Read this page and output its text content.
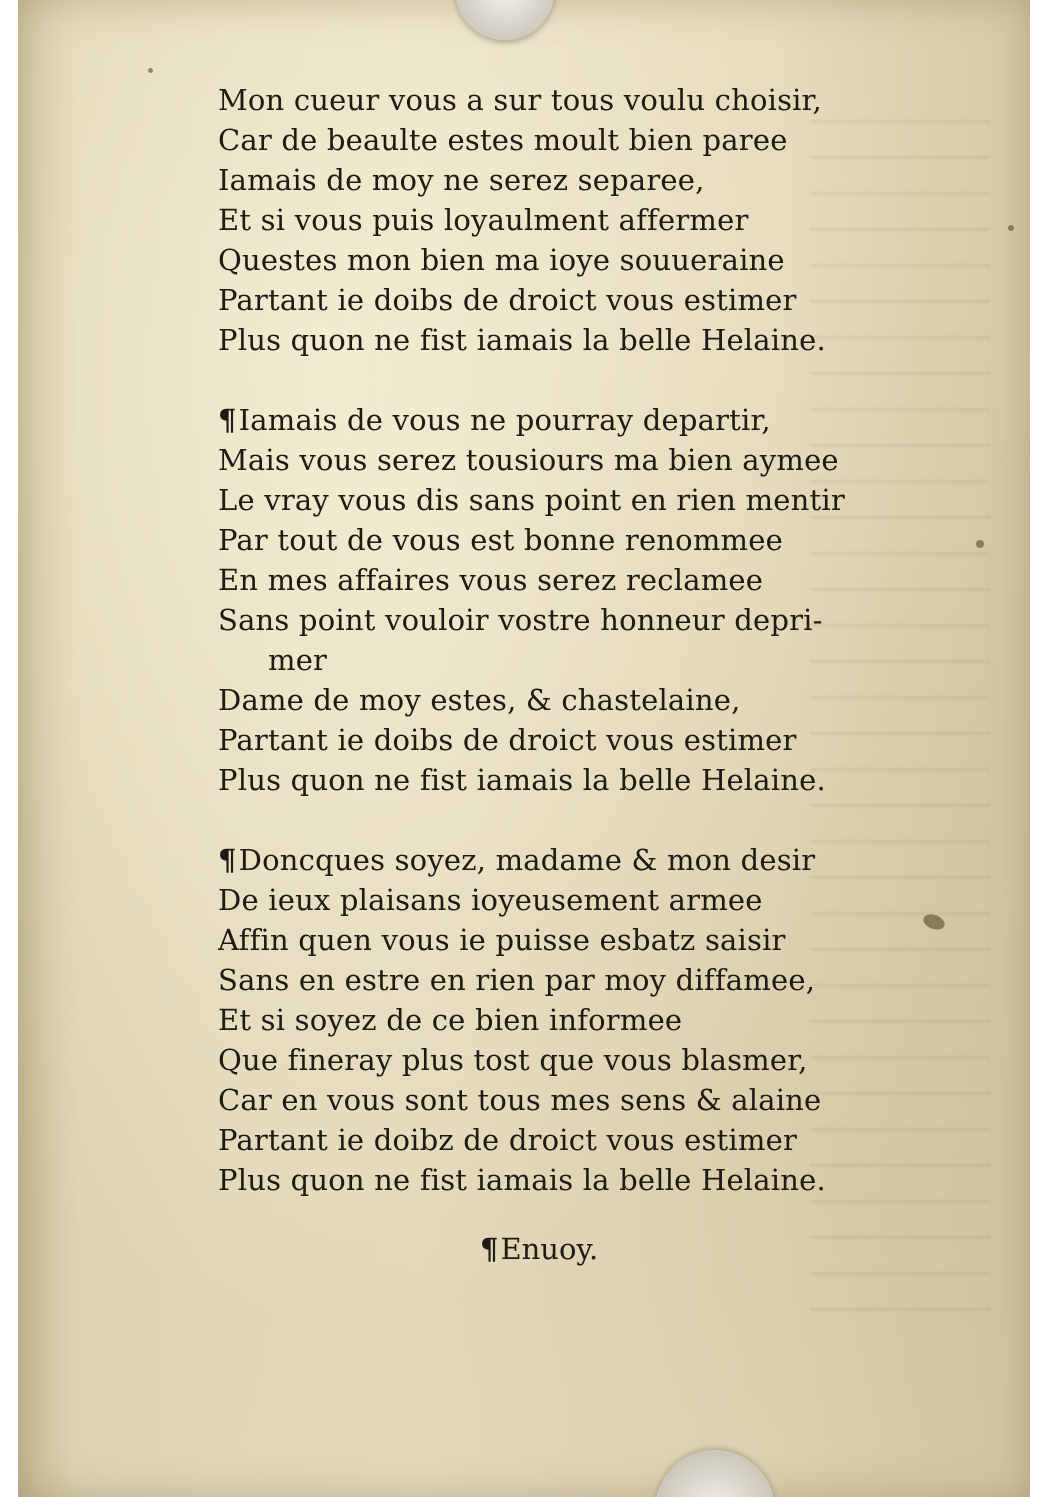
Mon cueur vous a sur tous voulu choisir,
Car de beaulte estes moult bien paree
Iamais de moy ne serez separee,
Et si vous puis loyaulment affermer
Questes mon bien ma ioye souueraine
Partant ie doibs de droict vous estimer
Plus quon ne fist iamais la belle Helaine.

¶Iamais de vous ne pourray departir,
Mais vous serez tousiours ma bien aymee
Le vray vous dis sans point en rien mentir
Par tout de vous est bonne renommee
En mes affaires vous serez reclamee
Sans point vouloir vostre honneur depri-
mer
Dame de moy estes, & chastelaine,
Partant ie doibs de droict vous estimer
Plus quon ne fist iamais la belle Helaine.

¶Doncques soyez, madame & mon desir
De ieux plaisans ioyeusement armee
Affin quen vous ie puisse esbatz saisir
Sans en estre en rien par moy diffamee,
Et si soyez de ce bien informee
Que fineray plus tost que vous blasmer,
Car en vous sont tous mes sens & alaine
Partant ie doibz de droict vous estimer
Plus quon ne fist iamais la belle Helaine.

¶Enuoy.
